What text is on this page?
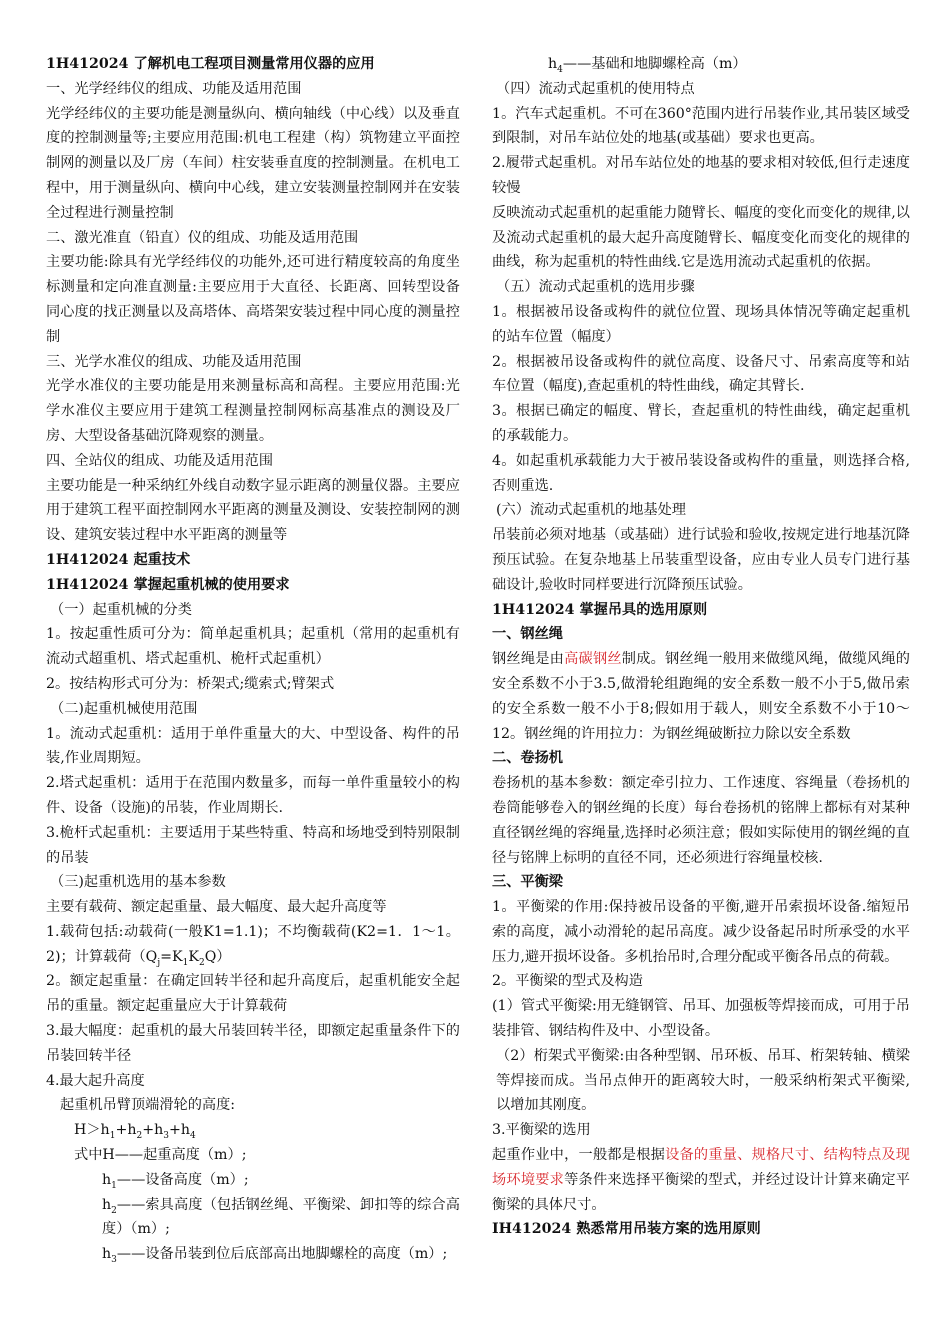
1H412024 了解机电工程项目测量常用仪器的应用

一、光学经纬仪的组成、功能及适用范围

光学经纬仪的主要功能是测量纵向、横向轴线（中心线）以及垂直度的控制测量等;主要应用范围:机电工程建（构）筑物建立平面控制网的测量以及厂房（车间）柱安装垂直度的控制测量。在机电工程中，用于测量纵向、横向中心线，建立安装测量控制网并在安装全过程进行测量控制

二、激光准直（铅直）仪的组成、功能及适用范围

主要功能:除具有光学经纬仪的功能外,还可进行精度较高的角度坐标测量和定向准直测量:主要应用于大直径、长距离、回转型设备同心度的找正测量以及高塔体、高塔架安装过程中同心度的测量控制

三、光学水准仪的组成、功能及适用范围

光学水准仪的主要功能是用来测量标高和高程。主要应用范围:光学水准仪主要应用于建筑工程测量控制网标高基准点的测设及厂房、大型设备基础沉降观察的测量。

四、全站仪的组成、功能及适用范围

主要功能是一种采纳红外线自动数字显示距离的测量仪器。主要应用于建筑工程平面控制网水平距离的测量及测设、安装控制网的测设、建筑安装过程中水平距离的测量等

1H412024 起重技术

1H412024 掌握起重机械的使用要求

（一）起重机械的分类

1。按起重性质可分为：简单起重机具；起重机（常用的起重机有流动式超重机、塔式起重机、桅杆式起重机）

2。按结构形式可分为：桥架式;缆索式;臂架式

（二)起重机械使用范围

1。流动式起重机：适用于单件重量大的大、中型设备、构件的吊装,作业周期短。

2.塔式起重机：适用于在范围内数量多，而每一单件重量较小的构件、设备（设施)的吊装，作业周期长.

3.桅杆式起重机：主要适用于某些特重、特高和场地受到特别限制的吊装

（三)起重机选用的基本参数

主要有载荷、额定起重量、最大幅度、最大起升高度等

1.载荷包括:动载荷(一般K1=1.1)；不均衡载荷(K2=1．1～1。2)；计算载荷$(Q_j=K_1K_2Q)$

2。额定起重量：在确定回转半径和起升高度后，起重机能安全起吊的重量。额定起重量应大于计算载荷

3.最大幅度：起重机的最大吊装回转半径，即额定起重量条件下的吊装回转半径

4.最大起升高度

起重机吊臂顶端滑轮的高度:

$H>h_1+h_2+h_3+h_4$

式中H——起重高度（m）;

$h_1——$设备高度（m）;

$h_2——$索具高度（包括钢丝绳、平衡梁、卸扣等的综合高度）（m）;

$h_3——$设备吊装到位后底部高出地脚螺栓的高度（m）;

$h_4——$基础和地脚螺栓高（m）

（四）流动式起重机的使用特点

1。汽车式起重机。不可在360°范围内进行吊装作业,其吊装区域受到限制，对吊车站位处的地基(或基础）要求也更高。

2.履带式起重机。对吊车站位处的地基的要求相对较低,但行走速度较慢

反映流动式起重机的起重能力随臂长、幅度的变化而变化的规律,以及流动式起重机的最大起升高度随臂长、幅度变化而变化的规律的曲线，称为起重机的特性曲线.它是选用流动式起重机的依据。

（五）流动式起重机的选用步骤

1。根据被吊设备或构件的就位位置、现场具体情况等确定起重机的站车位置（幅度）

2。根据被吊设备或构件的就位高度、设备尺寸、吊索高度等和站车位置（幅度),查起重机的特性曲线，确定其臂长.

3。根据已确定的幅度、臂长，查起重机的特性曲线，确定起重机的承载能力。

4。如起重机承载能力大于被吊装设备或构件的重量，则选择合格,否则重选.

(六）流动式起重机的地基处理

吊装前必须对地基（或基础）进行试验和验收,按规定进行地基沉降预压试验。在复杂地基上吊装重型设备，应由专业人员专门进行基础设计,验收时同样要进行沉降预压试验。

1H412024 掌握吊具的选用原则

一、钢丝绳

钢丝绳是由高碳钢丝制成。钢丝绳一般用来做缆风绳，做缆风绳的安全系数不小于3.5,做滑轮组跑绳的安全系数一般不小于5,做吊索的安全系数一般不小于8;假如用于载人，则安全系数不小于10～12。钢丝绳的许用拉力：为钢丝绳破断拉力除以安全系数

二、卷扬机

卷扬机的基本参数：额定牵引拉力、工作速度、容绳量（卷扬机的卷筒能够卷入的钢丝绳的长度）每台卷扬机的铭牌上都标有对某种直径钢丝绳的容绳量,选择时必须注意；假如实际使用的钢丝绳的直径与铭牌上标明的直径不同，还必须进行容绳量校核.

三、平衡梁

1。平衡梁的作用:保持被吊设备的平衡,避开吊索损坏设备.缩短吊索的高度，减小动滑轮的起吊高度。减少设备起吊时所承受的水平压力,避开损坏设备。多机抬吊时,合理分配或平衡各吊点的荷载。

2。平衡梁的型式及构造

(1）管式平衡梁:用无缝钢管、吊耳、加强板等焊接而成，可用于吊装排管、钢结构件及中、小型设备。

（2）桁架式平衡梁:由各种型钢、吊环板、吊耳、桁架转轴、横梁等焊接而成。当吊点伸开的距离较大时，一般采纳桁架式平衡梁,以增加其刚度。

3.平衡梁的选用

起重作业中，一般都是根据设备的重量、规格尺寸、结构特点及现场环境要求等条件来选择平衡梁的型式，并经过设计计算来确定平衡梁的具体尺寸。

IH412024 熟悉常用吊装方案的选用原则
